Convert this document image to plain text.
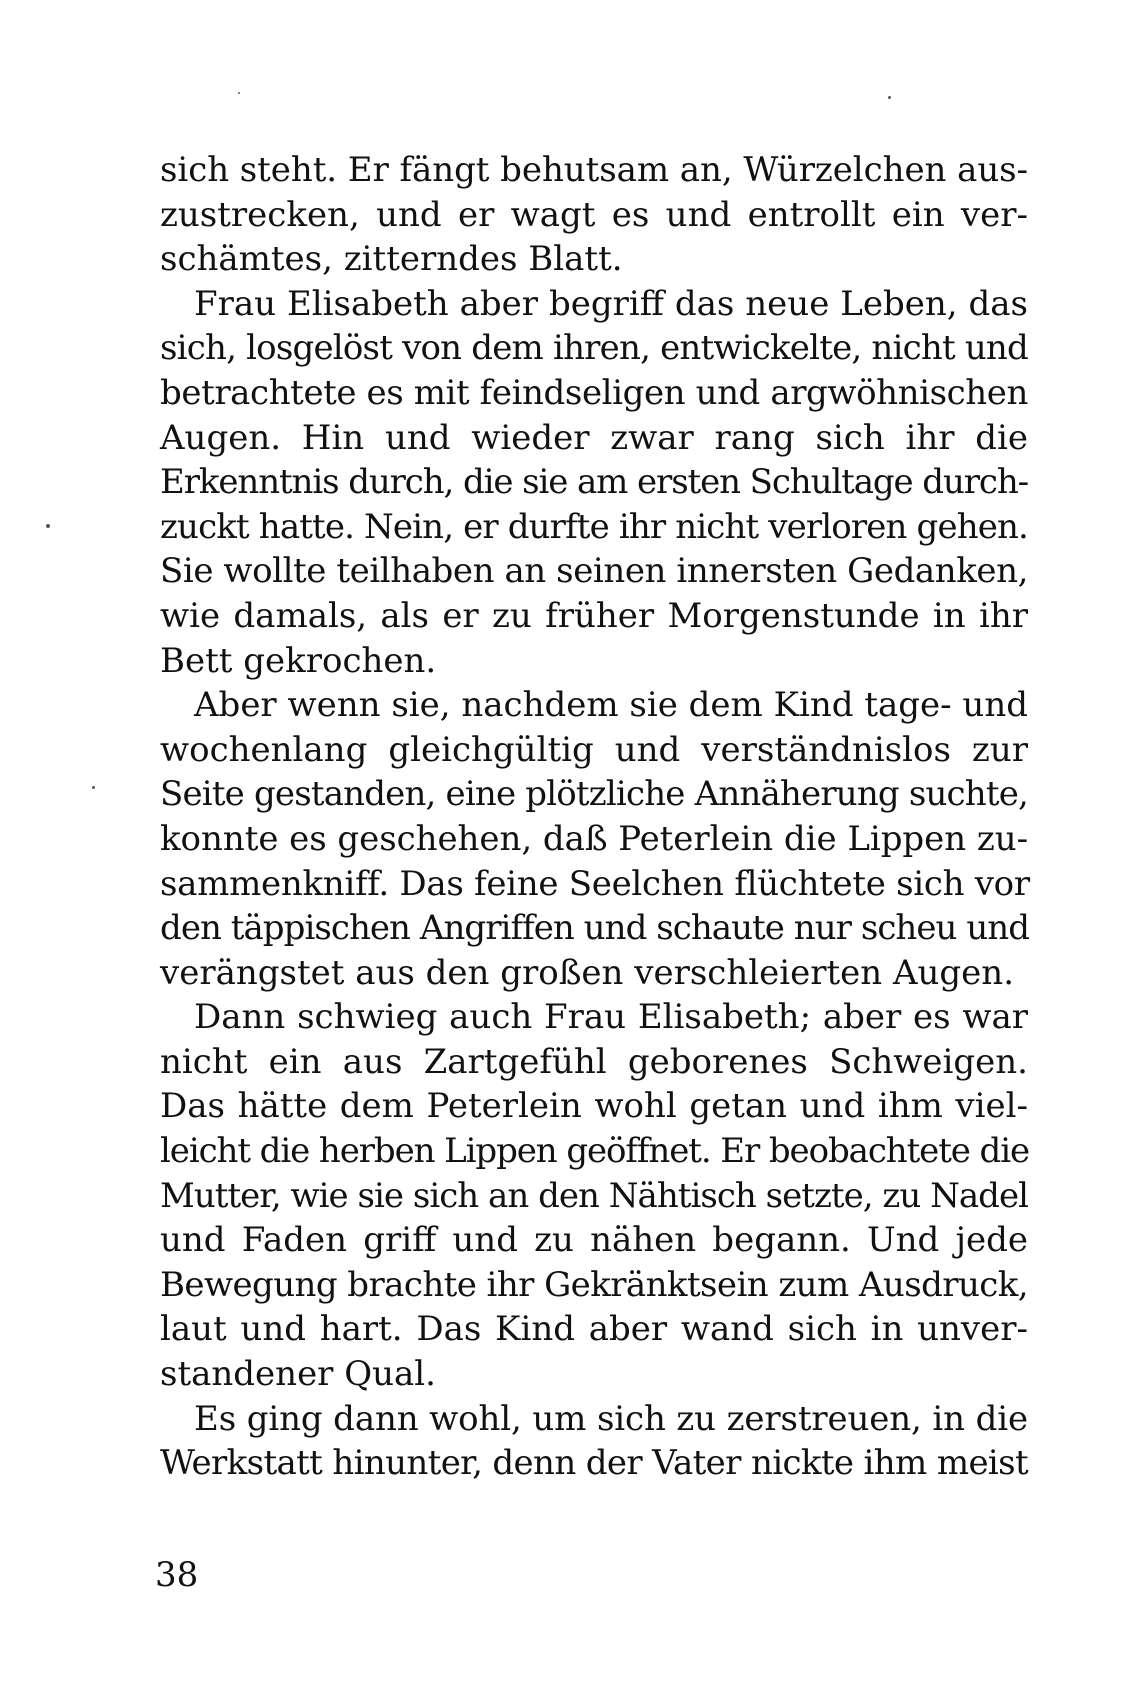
sich steht. Er fängt behutsam an, Würzelchen aus-
zustrecken, und er wagt es und entrollt ein ver-
schämtes, zitterndes Blatt.
Frau Elisabeth aber begriff das neue Leben, das
sich, losgelöst von dem ihren, entwickelte, nicht und
betrachtete es mit feindseligen und argwöhnischen
Augen. Hin und wieder zwar rang sich ihr die
Erkenntnis durch, die sie am ersten Schultage durch-
zuckt hatte. Nein, er durfte ihr nicht verloren gehen.
Sie wollte teilhaben an seinen innersten Gedanken,
wie damals, als er zu früher Morgenstunde in ihr
Bett gekrochen.
Aber wenn sie, nachdem sie dem Kind tage- und
wochenlang gleichgültig und verständnislos zur
Seite gestanden, eine plötzliche Annäherung suchte,
konnte es geschehen, daß Peterlein die Lippen zu-
sammenkniff. Das feine Seelchen flüchtete sich vor
den täppischen Angriffen und schaute nur scheu und
verängstet aus den großen verschleierten Augen.
Dann schwieg auch Frau Elisabeth; aber es war
nicht ein aus Zartgefühl geborenes Schweigen.
Das hätte dem Peterlein wohl getan und ihm viel-
leicht die herben Lippen geöffnet. Er beobachtete die
Mutter, wie sie sich an den Nähtisch setzte, zu Nadel
und Faden griff und zu nähen begann. Und jede
Bewegung brachte ihr Gekränktsein zum Ausdruck,
laut und hart. Das Kind aber wand sich in unver-
standener Qual.
Es ging dann wohl, um sich zu zerstreuen, in die
Werkstatt hinunter, denn der Vater nickte ihm meist
38
